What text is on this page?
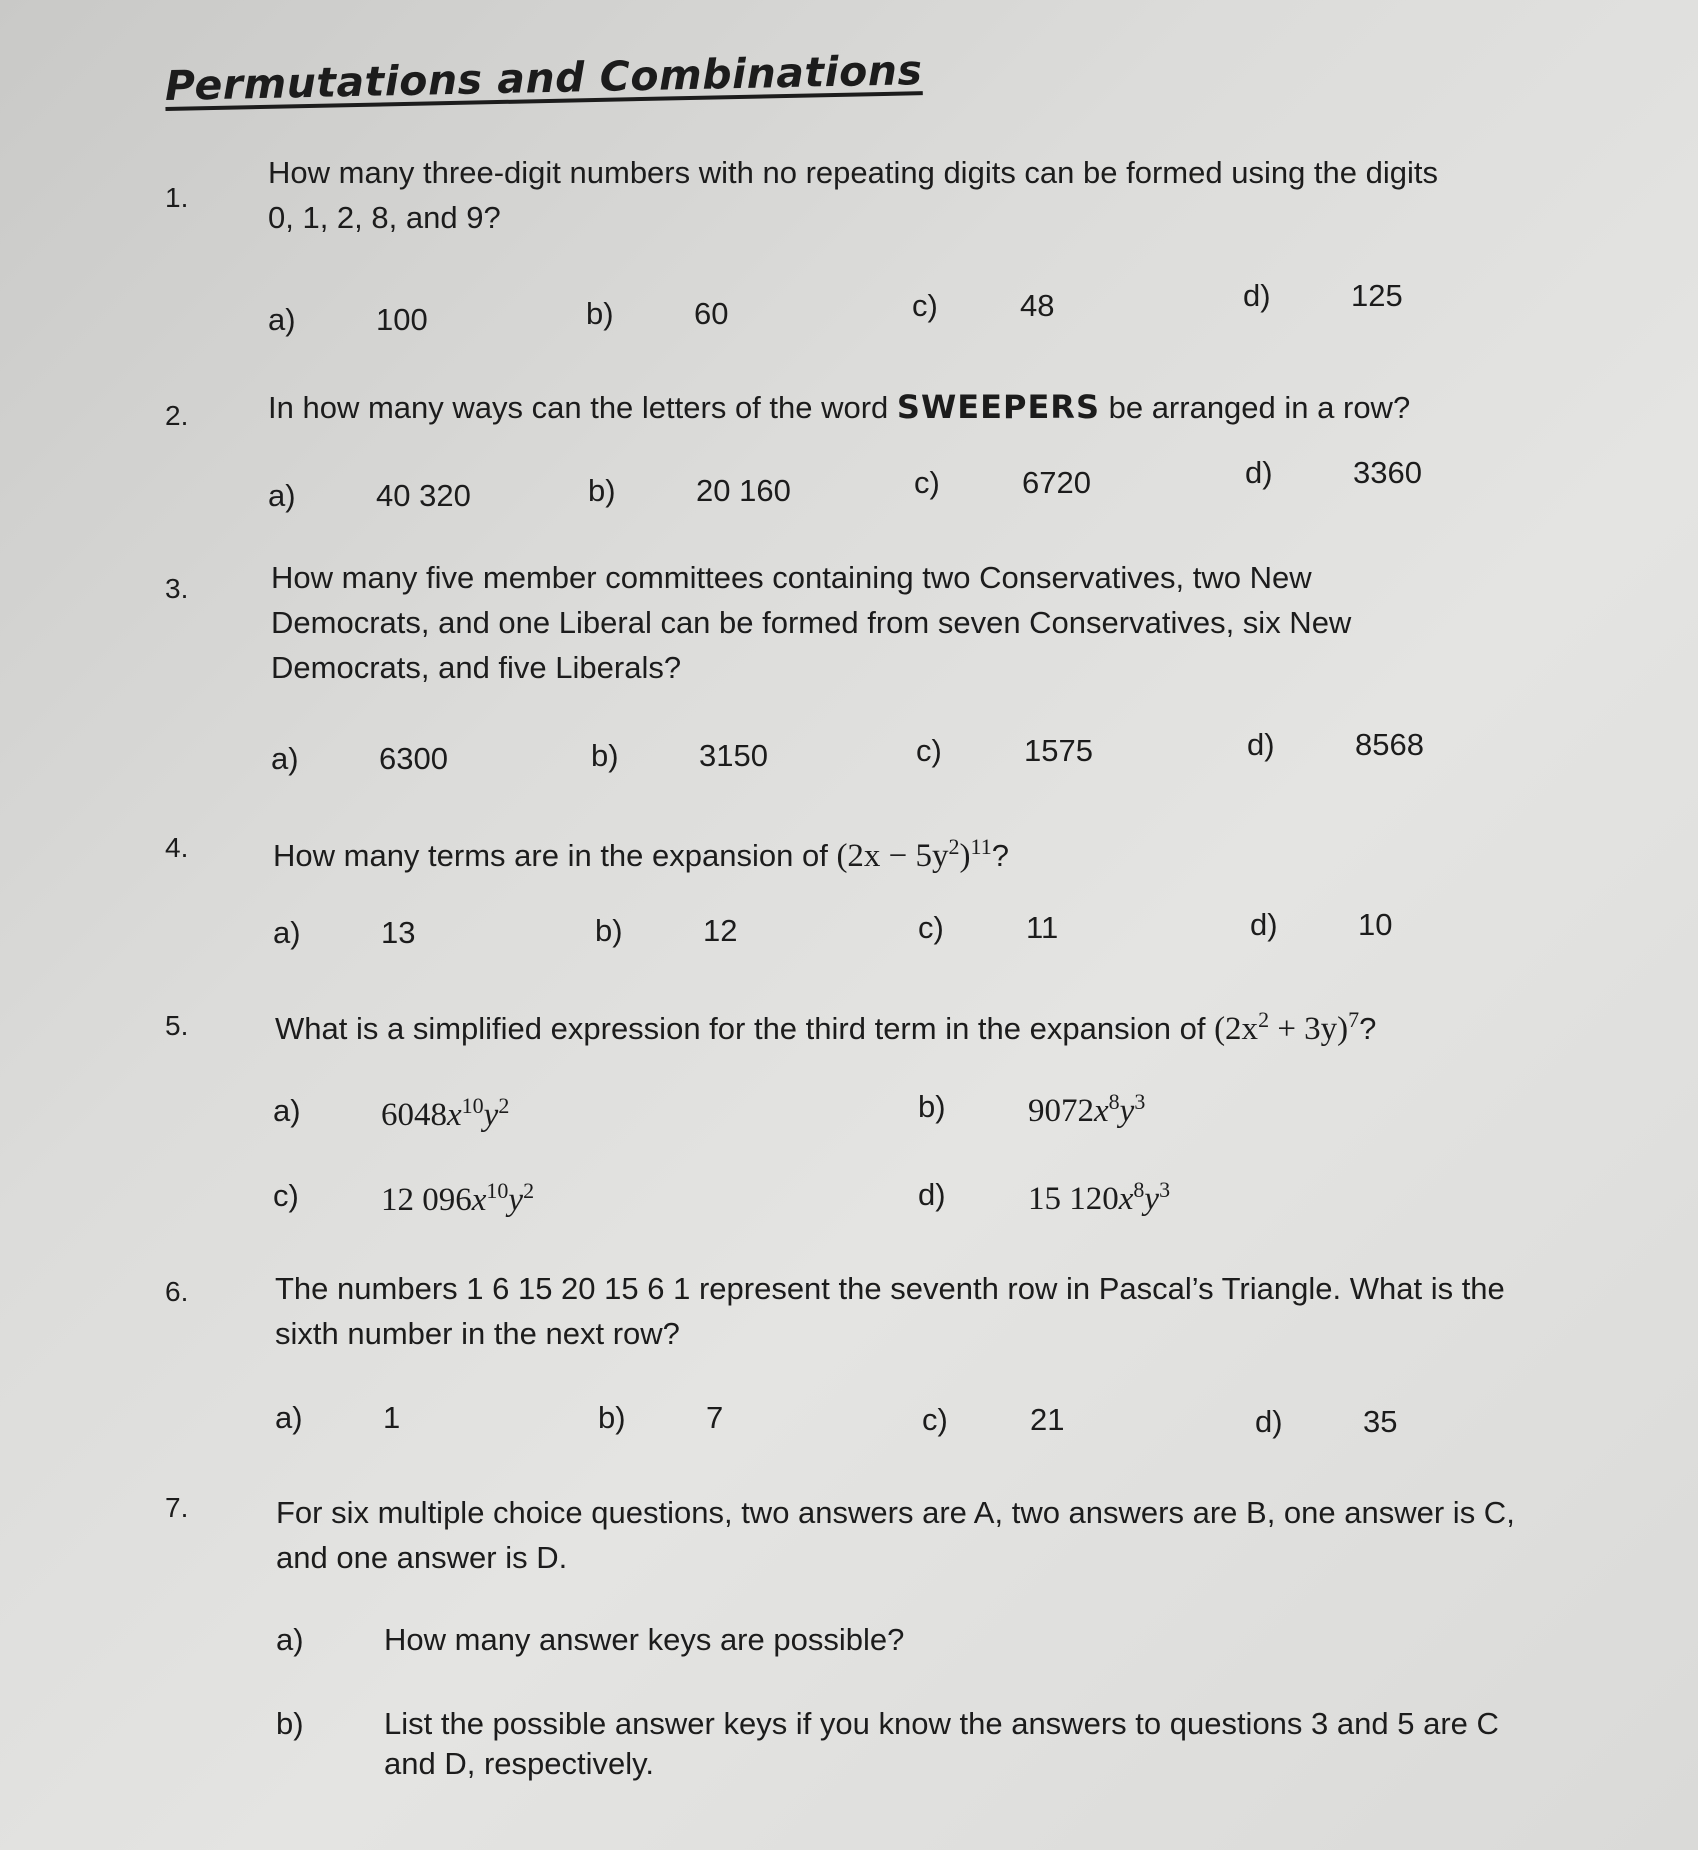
Permutations and Combinations
1.
How many three-digit numbers with no repeating digits can be formed using the digits 0, 1, 2, 8, and 9?
a)	100	b)	60	c)	48	d)	125
2.	In how many ways can the letters of the word SWEEPERS be arranged in a row?
a)	40 320	b)	20 160	c)	6720	d)	3360
3.	How many five member committees containing two Conservatives, two New Democrats, and one Liberal can be formed from seven Conservatives, six New Democrats, and five Liberals?
a)	6300	b)	3150	c)	1575	d)	8568
4.	How many terms are in the expansion of $(2x - 5y^2)^{11}$?
a)	13	b)	12	c)	11	d)	10
5.	What is a simplified expression for the third term in the expansion of $(2x^2 + 3y)^7$?
a) $6048x^{10}y^2$	b) $9072x^8y^3$
c) 12 $096x^{10}y^2$	d) 15 $120x^8y^3$
6.	The numbers 1 6 15 20 15 6 1 represent the seventh row in Pascal’s Triangle. What is the sixth number in the next row?
a)	1	b)	7	c)	21	d)	35
7.	For six multiple choice questions, two answers are A, two answers are B, one answer is C, and one answer is D.
a)	How many answer keys are possible?
b)	List the possible answer keys if you know the answers to questions 3 and 5 are C and D, respectively.
